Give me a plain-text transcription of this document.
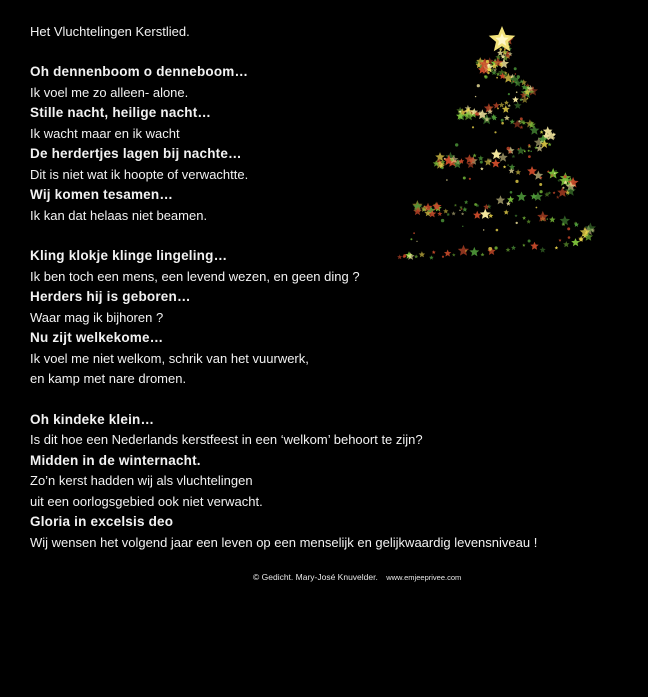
Het Vluchtelingen Kerstlied.
Oh dennenboom o denneboom…
Ik voel me zo alleen- alone.
Stille nacht, heilige nacht…
Ik wacht maar en ik wacht
De herdertjes lagen bij nachte…
Dit is niet wat ik hoopte of verwachtte.
Wij komen tesamen…
Ik kan dat helaas niet beamen.
Kling klokje klinge lingeling…
Ik ben toch een mens, een levend wezen, en geen ding ?
Herders hij is geboren…
Waar mag ik bijhoren ?
Nu zijt welkekome…
Ik voel me niet welkom, schrik van het vuurwerk,
en kamp met nare dromen.
Oh kindeke klein…
Is dit hoe een Nederlands kerstfeest in een ‘welkom’ behoort te zijn?
Midden in de winternacht.
Zo’n kerst hadden wij als vluchtelingen
uit een oorlogsgebied ook niet verwacht.
Gloria in excelsis deo
Wij wensen het volgend jaar een leven op een menselijk en gelijkwaardig levensniveau !
© Gedicht. Mary-José Knuvelder. www.emjeeprivee.com
